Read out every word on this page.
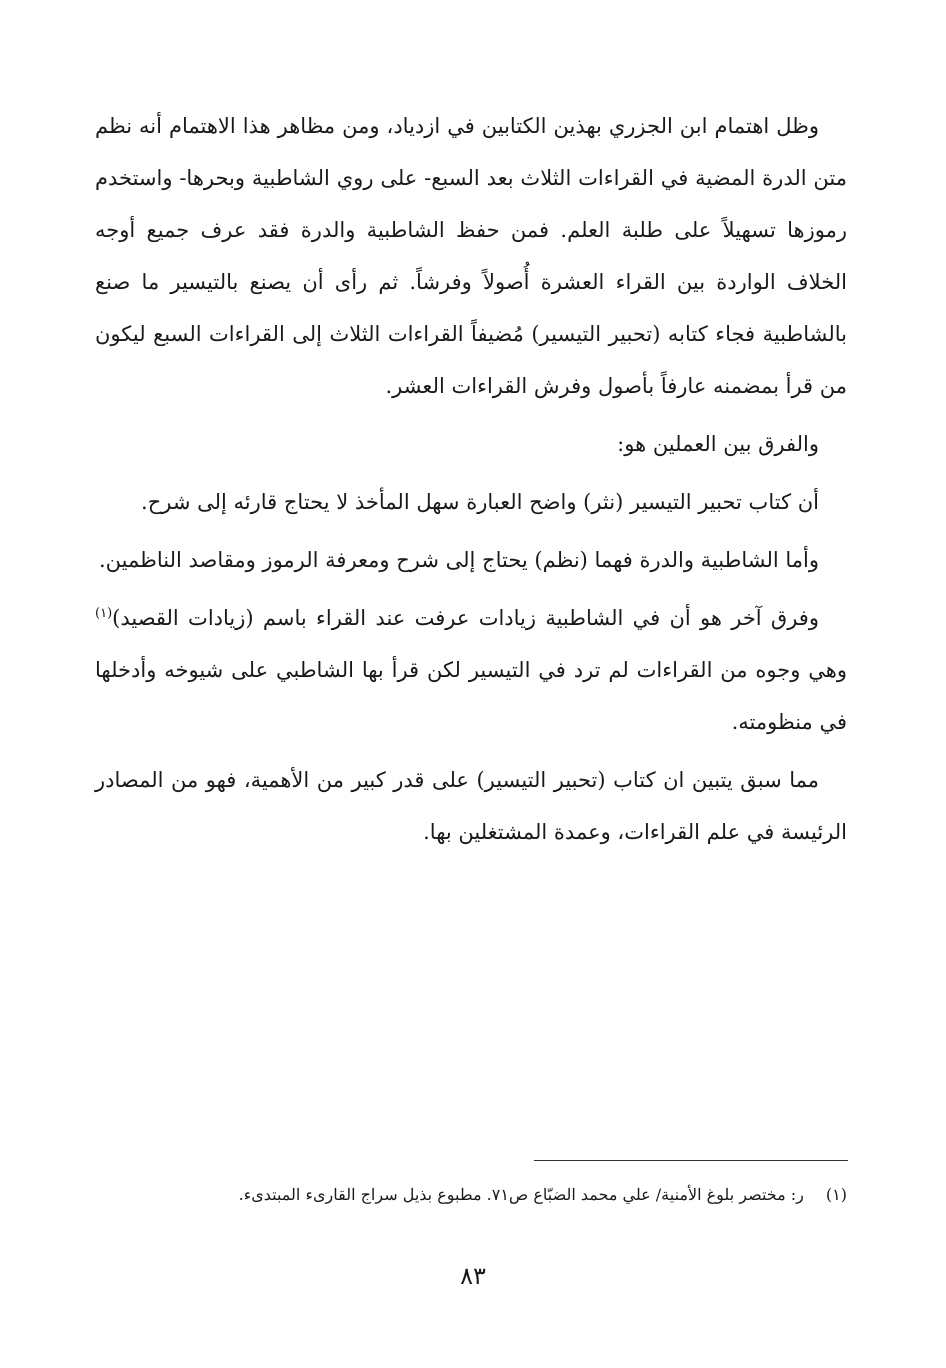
وظل اهتمام ابن الجزري بهذين الكتابين في ازدياد، ومن مظاهر هذا الاهتمام أنه نظم متن الدرة المضية في القراءات الثلاث بعد السبع- على روي الشاطبية وبحرها- واستخدم رموزها تسهيلاً على طلبة العلم. فمن حفظ الشاطبية والدرة فقد عرف جميع أوجه الخلاف الواردة بين القراء العشرة أُصولاً وفرشاً. ثم رأى أن يصنع بالتيسير ما صنع بالشاطبية فجاء كتابه (تحبير التيسير) مُضيفاً القراءات الثلاث إلى القراءات السبع ليكون من قرأ بمضمنه عارفاً بأصول وفرش القراءات العشر.

والفرق بين العملين هو:

أن كتاب تحبير التيسير (نثر) واضح العبارة سهل المأخذ لا يحتاج قارئه إلى شرح.

وأما الشاطبية والدرة فهما (نظم) يحتاج إلى شرح ومعرفة الرموز ومقاصد الناظمين.

وفرق آخر هو أن في الشاطبية زيادات عرفت عند القراء باسم (زيادات القصيد)$^{(١)}$ وهي وجوه من القراءات لم ترد في التيسير لكن قرأ بها الشاطبي على شيوخه وأدخلها في منظومته.

مما سبق يتبين ان كتاب (تحبير التيسير) على قدر كبير من الأهمية، فهو من المصادر الرئيسة في علم القراءات، وعمدة المشتغلين بها.

(١)ر: مختصر بلوغ الأمنية/ علي محمد الضبّاع ص٧١. مطبوع بذيل سراج القارىء المبتدىء.
٨٣
